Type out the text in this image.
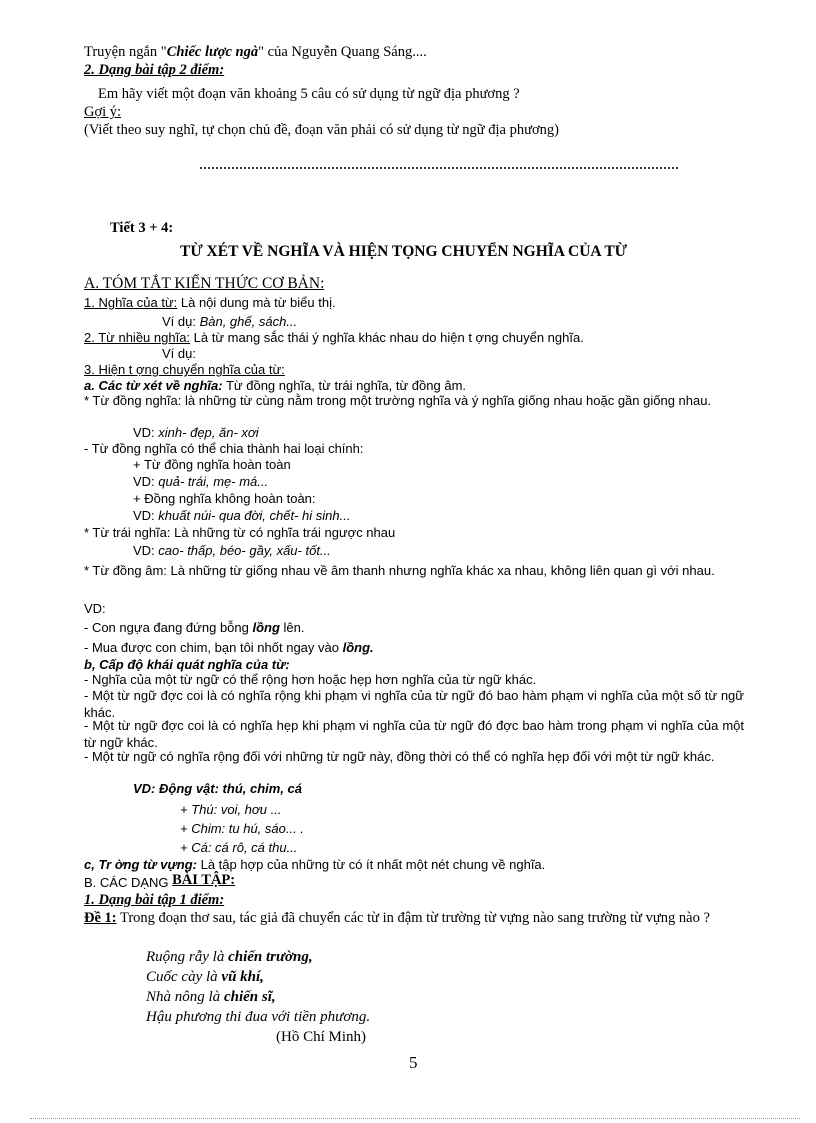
Truyện ngắn "Chiếc lược ngà" của Nguyễn Quang Sáng....
2. Dạng bài tập 2 điểm:
Em hãy viết một đoạn văn khoảng 5 câu có sử dụng từ ngữ địa phương ?
Gợi ý:
(Viết theo suy nghĩ, tự chọn chủ đề, đoạn văn phải có sử dụng từ ngữ địa phương)
Tiết 3 + 4:
TỪ XÉT VỀ NGHĨA VÀ HIỆN TỌNG CHUYỂN NGHĨA CỦA TỪ
A. TÓM TẮT KIẾN THỨC CƠ BẢN:
1. Nghĩa của từ: Là nội dung mà từ biểu thị.
Ví dụ: Bàn, ghế, sách...
2. Từ nhiều nghĩa: Là từ mang sắc thái ý nghĩa khác nhau do hiện t ợng chuyển nghĩa.
Ví dụ:
3. Hiện t ợng chuyển nghĩa của từ:
a. Các từ xét về nghĩa: Từ đồng nghĩa, từ trái nghĩa, từ đồng âm.
* Từ đồng nghĩa: là những từ cùng nằm trong một trường nghĩa và ý nghĩa giống nhau hoặc gần giống nhau.
VD: xinh- đẹp, ăn- xơi
- Từ đồng nghĩa có thể chia thành hai loại chính:
+ Từ đồng nghĩa hoàn toàn
VD: quả- trái, mẹ- má...
+ Đồng nghĩa không hoàn toàn:
VD: khuất núi- qua đời, chết- hi sinh...
* Từ trái nghĩa: Là những từ có nghĩa trái ngược nhau
VD: cao- thấp, béo- gầy, xấu- tốt...
* Từ đồng âm: Là những từ giống nhau về âm thanh nhưng nghĩa khác xa nhau, không liên quan gì với nhau.
VD:
- Con ngựa đang đứng bỗng lồng lên.
- Mua được con chim, bạn tôi nhốt ngay vào lồng.
b, Cấp độ khái quát nghĩa của từ:
- Nghĩa của một từ ngữ có thể rộng hơn hoặc hẹp hơn nghĩa của từ ngữ khác.
- Một từ ngữ đợc coi là có nghĩa rộng khi phạm vi nghĩa của từ ngữ đó bao hàm phạm vi nghĩa của một số từ ngữ khác.
- Một từ ngữ đợc coi là có nghĩa hẹp khi phạm vi nghĩa của từ ngữ đó đợc bao hàm trong phạm vi nghĩa của một từ ngữ khác.
- Một từ ngữ có nghĩa rộng đối với những từ ngữ này, đồng thời có thể có nghĩa hẹp đối với một từ ngữ khác.
VD: Động vật: thú, chim, cá
+ Thú: voi, hơu ...
+ Chim: tu hú, sáo... .
+ Cá: cá rô, cá thu...
c, Tr ờng từ vựng: Là tập hợp của những từ có ít nhất một nét chung về nghĩa.
B. CÁC DẠNG BÀI TẬP:
1. Dạng bài tập 1 điểm:
Đề 1: Trong đoạn thơ sau, tác giả đã chuyển các từ in đậm từ trường từ vựng nào sang trường từ vựng nào ?
Ruộng rẫy là chiến trường,
Cuốc cày là vũ khí,
Nhà nông là chiến sĩ,
Hậu phương thi đua với tiền phương.
(Hồ Chí Minh)
5
